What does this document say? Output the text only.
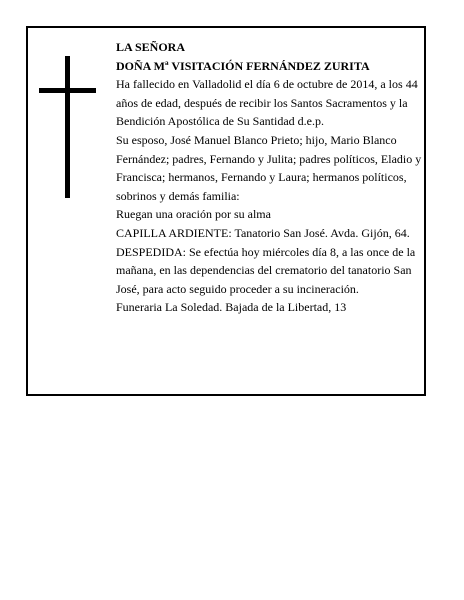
LA SEÑORA

DOÑA Mª VISITACIÓN FERNÁNDEZ ZURITA

Ha fallecido en Valladolid el día 6 de octubre de 2014, a los 44 años de edad, después de recibir los Santos Sacramentos y la Bendición Apostólica de Su Santidad d.e.p.

Su esposo, José Manuel Blanco Prieto; hijo, Mario Blanco Fernández; padres, Fernando y Julita; padres políticos, Eladio y Francisca; hermanos, Fernando y Laura; hermanos políticos, sobrinos y demás familia:

Ruegan una oración por su alma

CAPILLA ARDIENTE: Tanatorio San José. Avda. Gijón, 64.

DESPEDIDA: Se efectúa hoy miércoles día 8, a las once de la mañana, en las dependencias del crematorio del tanatorio San José, para acto seguido proceder a su incineración.

Funeraria La Soledad. Bajada de la Libertad, 13
